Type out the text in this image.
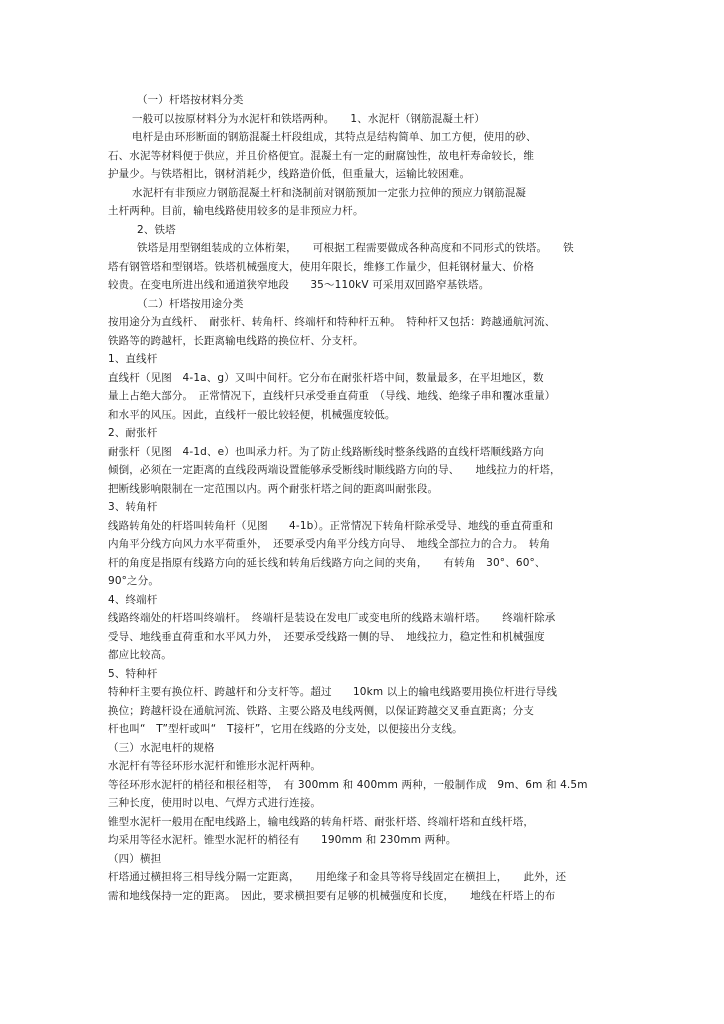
（一）杆塔按材料分类
一般可以按原材料分为水泥杆和铁塔两种。　　1、水泥杆（钢筋混凝土杆）
电杆是由环形断面的钢筋混凝土杆段组成，其特点是结构简单、加工方便，使用的砂、
石、水泥等材料便于供应，并且价格便宜。混凝土有一定的耐腐蚀性，故电杆寿命较长，维
护量少。与铁塔相比，钢材消耗少，线路造价低，但重量大，运输比较困难。
水泥杆有非预应力钢筋混凝土杆和浇制前对钢筋预加一定张力拉伸的预应力钢筋混凝
土杆两种。目前，输电线路使用较多的是非预应力杆。
2、铁塔
铁塔是用型钢组装成的立体桁架，　　可根据工程需要做成各种高度和不同形式的铁塔。　　铁
塔有钢管塔和型钢塔。铁塔机械强度大，使用年限长，维修工作量少，但耗钢材量大、价格
较贵。在变电所进出线和通道狭窄地段　　35～110kV 可采用双回路窄基铁塔。
（二）杆塔按用途分类
按用途分为直线杆、　耐张杆、转角杆、终端杆和特种杆五种。　特种杆又包括：跨越通航河流、
铁路等的跨越杆，长距离输电线路的换位杆、分支杆。
1、直线杆
直线杆（见图　4-1a、g）又叫中间杆。它分布在耐张杆塔中间，数量最多，在平坦地区，数
量上占绝大部分。　正常情况下，直线杆只承受垂直荷重　（导线、地线、绝缘子串和覆冰重量）
和水平的风压。因此，直线杆一般比较轻便，机械强度较低。
2、耐张杆
耐张杆（见图　4-1d、e）也叫承力杆。为了防止线路断线时整条线路的直线杆塔顺线路方向
倾倒，必须在一定距离的直线段两端设置能够承受断线时顺线路方向的导、　　地线拉力的杆塔，
把断线影响限制在一定范围以内。两个耐张杆塔之间的距离叫耐张段。
3、转角杆
线路转角处的杆塔叫转角杆（见图　　4-1b）。正常情况下转角杆除承受导、地线的垂直荷重和
内角平分线方向风力水平荷重外，　还要承受内角平分线方向导、　地线全部拉力的合力。　转角
杆的角度是指原有线路方向的延长线和转角后线路方向之间的夹角，　　有转角　30°、60°、
90°之分。
4、终端杆
线路终端处的杆塔叫终端杆。　终端杆是装设在发电厂或变电所的线路末端杆塔。　　终端杆除承
受导、地线垂直荷重和水平风力外，　还要承受线路一侧的导、　地线拉力，稳定性和机械强度
都应比较高。
5、特种杆
特种杆主要有换位杆、跨越杆和分支杆等。超过　　10km 以上的输电线路要用换位杆进行导线
换位；跨越杆设在通航河流、铁路、主要公路及电线两侧，以保证跨越交叉垂直距离；分支
杆也叫“　T”型杆或叫“　T接杆”，它用在线路的分支处，以便接出分支线。
（三）水泥电杆的规格
水泥杆有等径环形水泥杆和锥形水泥杆两种。
等径环形水泥杆的梢径和根径相等，　有 300mm 和 400mm 两种，一般制作成　9m、6m 和 4.5m
三种长度，使用时以电、气焊方式进行连接。
锥型水泥杆一般用在配电线路上，输电线路的转角杆塔、耐张杆塔、终端杆塔和直线杆塔，
均采用等径水泥杆。锥型水泥杆的梢径有　　190mm 和 230mm 两种。
（四）横担
杆塔通过横担将三相导线分隔一定距离，　　用绝缘子和金具等将导线固定在横担上，　　此外，还
需和地线保持一定的距离。　因此，要求横担要有足够的机械强度和长度，　　地线在杆塔上的布
